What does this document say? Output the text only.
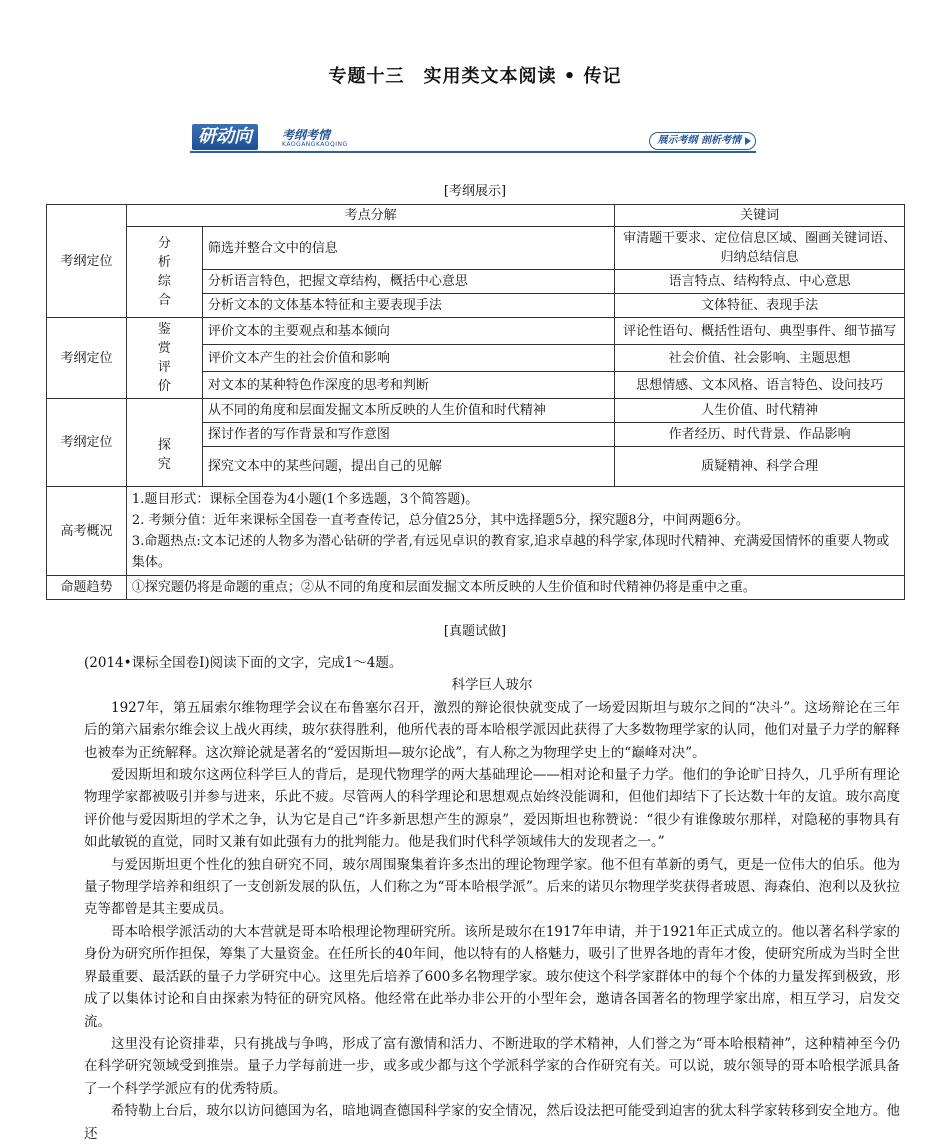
专题十三　实用类文本阅读 • 传记
研动向	考纲考情
KAOGANGKAOQING	展示考纲 剖析考情
[考纲展示]
考纲定位	考点分解		关键词
	分析综合	筛选并整合文中的信息	审清题干要求、定位信息区域、圈画关键词语、归纳总结信息
		分析语言特色，把握文章结构，概括中心意思	语言特点、结构特点、中心意思
		分析文本的文体基本特征和主要表现手法	文体特征、表现手法
考纲定位	鉴赏评价	评价文本的主要观点和基本倾向	评论性语句、概括性语句、典型事件、细节描写
		评价文本产生的社会价值和影响	社会价值、社会影响、主题思想
		对文本的某种特色作深度的思考和判断	思想情感、文本风格、语言特色、设问技巧
考纲定位	探究	从不同的角度和层面发掘文本所反映的人生价值和时代精神	人生价值、时代精神
		探讨作者的写作背景和写作意图	作者经历、时代背景、作品影响
		探究文本中的某些问题，提出自己的见解	质疑精神、科学合理
高考概况	1.题目形式：课标全国卷为4小题(1个多选题，3个简答题)。
2. 考频分值：近年来课标全国卷一直考查传记，总分值25分，其中选择题5分，探究题8分，中间两题6分。
3.命题热点:文本记述的人物多为潜心钻研的学者,有远见卓识的教育家,追求卓越的科学家,体现时代精神、充满爱国情怀的重要人物或集体。		

命题趋势	①探究题仍将是命题的重点；②从不同的角度和层面发掘文本所反映的人生价值和时代精神仍将是重中之重。		
[真题试做]

(2014•课标全国卷Ⅰ)阅读下面的文字，完成1～4题。

科学巨人玻尔

1927年，第五届索尔维物理学会议在布鲁塞尔召开，激烈的辩论很快就变成了一场爱因斯坦与玻尔之间的“决斗”。这场辩论在三年后的第六届索尔维会议上战火再续，玻尔获得胜利，他所代表的哥本哈根学派因此获得了大多数物理学家的认同，他们对量子力学的解释也被奉为正统解释。这次辩论就是著名的“爱因斯坦—玻尔论战”，有人称之为物理学史上的“巅峰对决”。

爱因斯坦和玻尔这两位科学巨人的背后，是现代物理学的两大基础理论——相对论和量子力学。他们的争论旷日持久，几乎所有理论物理学家都被吸引并参与进来，乐此不疲。尽管两人的科学理论和思想观点始终没能调和，但他们却结下了长达数十年的友谊。玻尔高度评价他与爱因斯坦的学术之争，认为它是自己“许多新思想产生的源泉”，爱因斯坦也称赞说：“很少有谁像玻尔那样，对隐秘的事物具有如此敏锐的直觉，同时又兼有如此强有力的批判能力。他是我们时代科学领域伟大的发现者之一。”

与爱因斯坦更个性化的独自研究不同，玻尔周围聚集着许多杰出的理论物理学家。他不但有革新的勇气，更是一位伟大的伯乐。他为量子物理学培养和组织了一支创新发展的队伍，人们称之为“哥本哈根学派”。后来的诺贝尔物理学奖获得者玻恩、海森伯、泡利以及狄拉克等都曾是其主要成员。

哥本哈根学派活动的大本营就是哥本哈根理论物理研究所。该所是玻尔在1917年申请，并于1921年正式成立的。他以著名科学家的身份为研究所作担保，筹集了大量资金。在任所长的40年间，他以特有的人格魅力，吸引了世界各地的青年才俊，使研究所成为当时全世界最重要、最活跃的量子力学研究中心。这里先后培养了600多名物理学家。玻尔使这个科学家群体中的每个个体的力量发挥到极致，形成了以集体讨论和自由探索为特征的研究风格。他经常在此举办非公开的小型年会，邀请各国著名的物理学家出席，相互学习，启发交流。

这里没有论资排辈，只有挑战与争鸣，形成了富有激情和活力、不断进取的学术精神，人们誉之为“哥本哈根精神”，这种精神至今仍在科学研究领域受到推崇。量子力学每前进一步，或多或少都与这个学派科学家的合作研究有关。可以说，玻尔领导的哥本哈根学派具备了一个科学学派应有的优秀特质。

希特勒上台后，玻尔以访问德国为名，暗地调查德国科学家的安全情况，然后设法把可能受到迫害的犹太科学家转移到安全地方。他还
